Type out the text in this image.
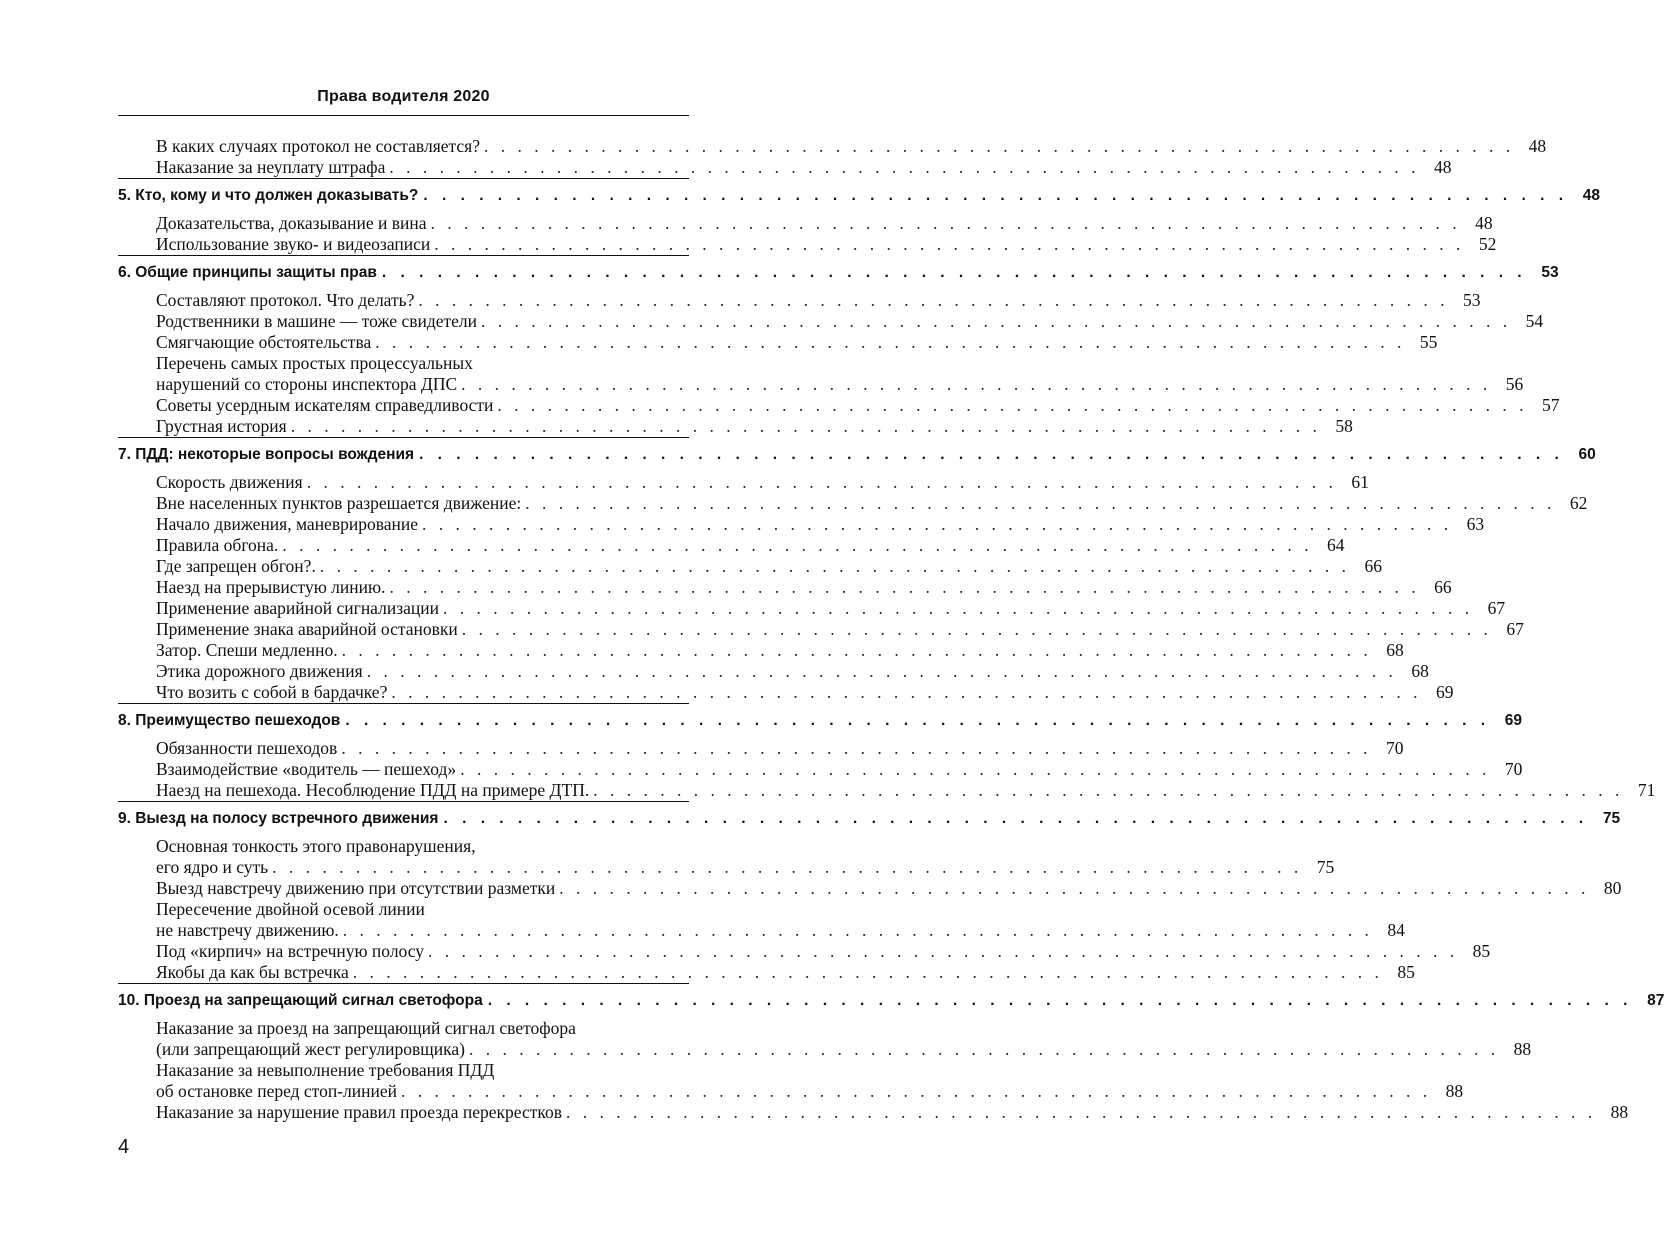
Права водителя 2020
В каких случаях протокол не составляется? . . . . . . . . . . . . . . . . . . . . . . . . . . . . . . . . . . . . . . . . . . . . . . . . . . . . . . . . . . . . . . 48
Наказание за неуплату штрафа . . . . . . . . . . . . . . . . . . . . . . . . . . . . . . . . . . . . . . . . . . . . . . . . . . . . . . . . . . . . . . 48
5. Кто, кому и что должен доказывать? . . . . . . . . . . . . . . . . . . . . . . . . . . . . . . . . . . . . . . . . . . . . . . . . . . . . . . . . . . . . . . 48
Доказательства, доказывание и вина . . . . . . . . . . . . . . . . . . . . . . . . . . . . . . . . . . . . . . . . . . . . . . . . . . . . . . . . . . . . . . 48
Использование звуко- и видеозаписи . . . . . . . . . . . . . . . . . . . . . . . . . . . . . . . . . . . . . . . . . . . . . . . . . . . . . . . . . . . . . . 52
6. Общие принципы защиты прав . . . . . . . . . . . . . . . . . . . . . . . . . . . . . . . . . . . . . . . . . . . . . . . . . . . . . . . . . . . . . . 53
Составляют протокол. Что делать? . . . . . . . . . . . . . . . . . . . . . . . . . . . . . . . . . . . . . . . . . . . . . . . . . . . . . . . . . . . . . . 53
Родственники в машине — тоже свидетели . . . . . . . . . . . . . . . . . . . . . . . . . . . . . . . . . . . . . . . . . . . . . . . . . . . . . . . . . . . . . . 54
Смягчающие обстоятельства . . . . . . . . . . . . . . . . . . . . . . . . . . . . . . . . . . . . . . . . . . . . . . . . . . . . . . . . . . . . . . 55
Перечень самых простых процессуальных
нарушений со стороны инспектора ДПС . . . . . . . . . . . . . . . . . . . . . . . . . . . . . . . . . . . . . . . . . . . . . . . . . . . . . . . . . . . . . . 56
Советы усердным искателям справедливости . . . . . . . . . . . . . . . . . . . . . . . . . . . . . . . . . . . . . . . . . . . . . . . . . . . . . . . . . . . . . . 57
Грустная история . . . . . . . . . . . . . . . . . . . . . . . . . . . . . . . . . . . . . . . . . . . . . . . . . . . . . . . . . . . . . . 58
7. ПДД: некоторые вопросы вождения . . . . . . . . . . . . . . . . . . . . . . . . . . . . . . . . . . . . . . . . . . . . . . . . . . . . . . . . . . . . . . 60
Скорость движения . . . . . . . . . . . . . . . . . . . . . . . . . . . . . . . . . . . . . . . . . . . . . . . . . . . . . . . . . . . . . . 61
Вне населенных пунктов разрешается движение: . . . . . . . . . . . . . . . . . . . . . . . . . . . . . . . . . . . . . . . . . . . . . . . . . . . . . . . . . . . . . . 62
Начало движения, маневрирование . . . . . . . . . . . . . . . . . . . . . . . . . . . . . . . . . . . . . . . . . . . . . . . . . . . . . . . . . . . . . . 63
Правила обгона. . . . . . . . . . . . . . . . . . . . . . . . . . . . . . . . . . . . . . . . . . . . . . . . . . . . . . . . . . . . . . . 64
Где запрещен обгон?. . . . . . . . . . . . . . . . . . . . . . . . . . . . . . . . . . . . . . . . . . . . . . . . . . . . . . . . . . . . . . . 66
Наезд на прерывистую линию. . . . . . . . . . . . . . . . . . . . . . . . . . . . . . . . . . . . . . . . . . . . . . . . . . . . . . . . . . . . . . . 66
Применение аварийной сигнализации . . . . . . . . . . . . . . . . . . . . . . . . . . . . . . . . . . . . . . . . . . . . . . . . . . . . . . . . . . . . . . 67
Применение знака аварийной остановки . . . . . . . . . . . . . . . . . . . . . . . . . . . . . . . . . . . . . . . . . . . . . . . . . . . . . . . . . . . . . . 67
Затор. Спеши медленно. . . . . . . . . . . . . . . . . . . . . . . . . . . . . . . . . . . . . . . . . . . . . . . . . . . . . . . . . . . . . . . 68
Этика дорожного движения . . . . . . . . . . . . . . . . . . . . . . . . . . . . . . . . . . . . . . . . . . . . . . . . . . . . . . . . . . . . . . 68
Что возить с собой в бардачке? . . . . . . . . . . . . . . . . . . . . . . . . . . . . . . . . . . . . . . . . . . . . . . . . . . . . . . . . . . . . . . 69
8. Преимущество пешеходов . . . . . . . . . . . . . . . . . . . . . . . . . . . . . . . . . . . . . . . . . . . . . . . . . . . . . . . . . . . . . . 69
Обязанности пешеходов . . . . . . . . . . . . . . . . . . . . . . . . . . . . . . . . . . . . . . . . . . . . . . . . . . . . . . . . . . . . . . 70
Взаимодействие «водитель — пешеход» . . . . . . . . . . . . . . . . . . . . . . . . . . . . . . . . . . . . . . . . . . . . . . . . . . . . . . . . . . . . . . 70
Наезд на пешехода. Несоблюдение ПДД на примере ДТП. . . . . . . . . . . . . . . . . . . . . . . . . . . . . . . . . . . . . . . . . . . . . . . . . . . . . . . . . . . . . . . 71
9. Выезд на полосу встречного движения . . . . . . . . . . . . . . . . . . . . . . . . . . . . . . . . . . . . . . . . . . . . . . . . . . . . . . . . . . . . . . 75
Основная тонкость этого правонарушения,
его ядро и суть . . . . . . . . . . . . . . . . . . . . . . . . . . . . . . . . . . . . . . . . . . . . . . . . . . . . . . . . . . . . . . 75
Выезд навстречу движению при отсутствии разметки . . . . . . . . . . . . . . . . . . . . . . . . . . . . . . . . . . . . . . . . . . . . . . . . . . . . . . . . . . . . . . 80
Пересечение двойной осевой линии
не навстречу движению. . . . . . . . . . . . . . . . . . . . . . . . . . . . . . . . . . . . . . . . . . . . . . . . . . . . . . . . . . . . . . . 84
Под «кирпич» на встречную полосу . . . . . . . . . . . . . . . . . . . . . . . . . . . . . . . . . . . . . . . . . . . . . . . . . . . . . . . . . . . . . . 85
Якобы да как бы встречка . . . . . . . . . . . . . . . . . . . . . . . . . . . . . . . . . . . . . . . . . . . . . . . . . . . . . . . . . . . . . . 85
10. Проезд на запрещающий сигнал светофора . . . . . . . . . . . . . . . . . . . . . . . . . . . . . . . . . . . . . . . . . . . . . . . . . . . . . . . . . . . . . . 87
Наказание за проезд на запрещающий сигнал светофора
(или запрещающий жест регулировщика) . . . . . . . . . . . . . . . . . . . . . . . . . . . . . . . . . . . . . . . . . . . . . . . . . . . . . . . . . . . . . . 88
Наказание за невыполнение требования ПДД
об остановке перед стоп-линией . . . . . . . . . . . . . . . . . . . . . . . . . . . . . . . . . . . . . . . . . . . . . . . . . . . . . . . . . . . . . . 88
Наказание за нарушение правил проезда перекрестков . . . . . . . . . . . . . . . . . . . . . . . . . . . . . . . . . . . . . . . . . . . . . . . . . . . . . . . . . . . . . . 88
4
